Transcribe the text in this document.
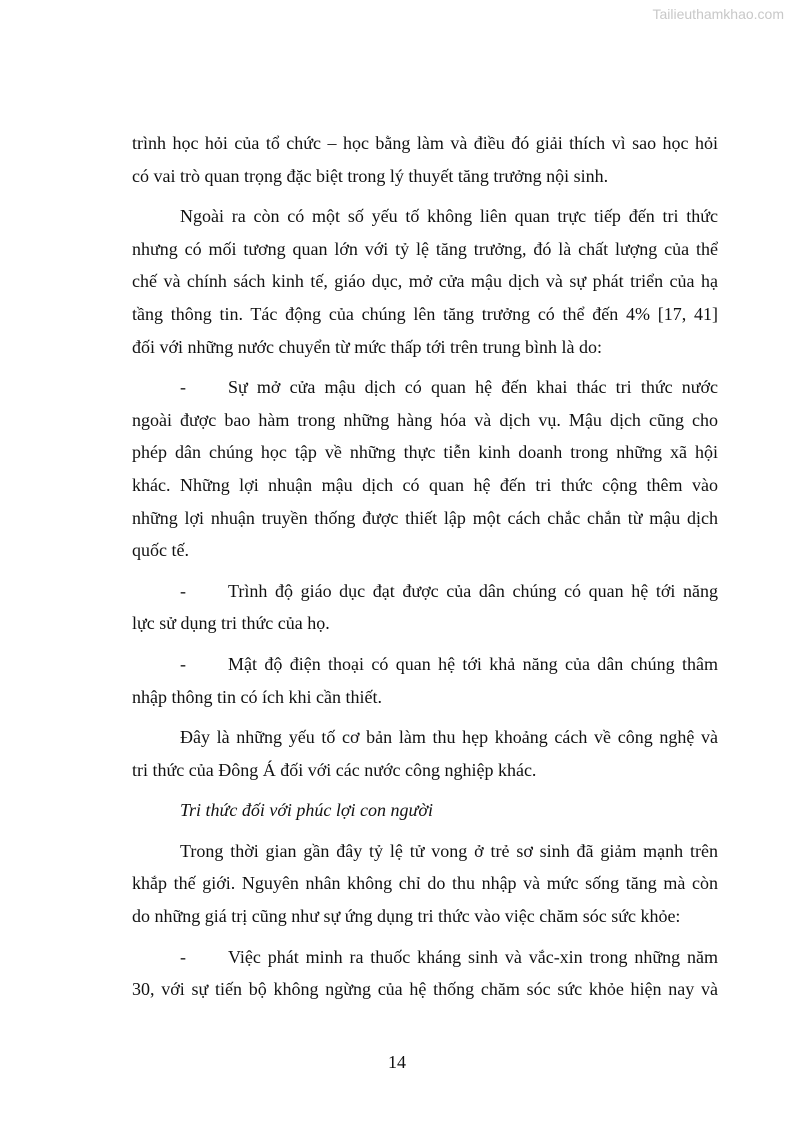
Tailieuthamkhao.com

trình học hỏi của tổ chức – học bằng làm và điều đó giải thích vì sao học hỏi
có vai trò quan trọng đặc biệt trong lý thuyết tăng trưởng nội sinh.

Ngoài ra còn có một số yếu tố không liên quan trực tiếp đến tri thức
nhưng có mối tương quan lớn với tỷ lệ tăng trưởng, đó là chất lượng của thể
chế và chính sách kinh tế, giáo dục, mở cửa mậu dịch và sự phát triển của hạ
tầng thông tin. Tác động của chúng lên tăng trưởng có thể đến 4% [17, 41]
đối với những nước chuyển từ mức thấp tới trên trung bình là do:

- Sự mở cửa mậu dịch có quan hệ đến khai thác tri thức nước
ngoài được bao hàm trong những hàng hóa và dịch vụ. Mậu dịch cũng cho
phép dân chúng học tập về những thực tiễn kinh doanh trong những xã hội
khác. Những lợi nhuận mậu dịch có quan hệ đến tri thức cộng thêm vào
những lợi nhuận truyền thống được thiết lập một cách chắc chắn từ mậu dịch
quốc tế.

- Trình độ giáo dục đạt được của dân chúng có quan hệ tới năng
lực sử dụng tri thức của họ.

- Mật độ điện thoại có quan hệ tới khả năng của dân chúng thâm
nhập thông tin có ích khi cần thiết.

Đây là những yếu tố cơ bản làm thu hẹp khoảng cách về công nghệ và
tri thức của Đông Á đối với các nước công nghiệp khác.

Tri thức đối với phúc lợi con người

Trong thời gian gần đây tỷ lệ tử vong ở trẻ sơ sinh đã giảm mạnh trên
khắp thế giới. Nguyên nhân không chỉ do thu nhập và mức sống tăng mà còn
do những giá trị cũng như sự ứng dụng tri thức vào việc chăm sóc sức khỏe:

- Việc phát minh ra thuốc kháng sinh và vắc-xin trong những năm
30, với sự tiến bộ không ngừng của hệ thống chăm sóc sức khỏe hiện nay và

14
